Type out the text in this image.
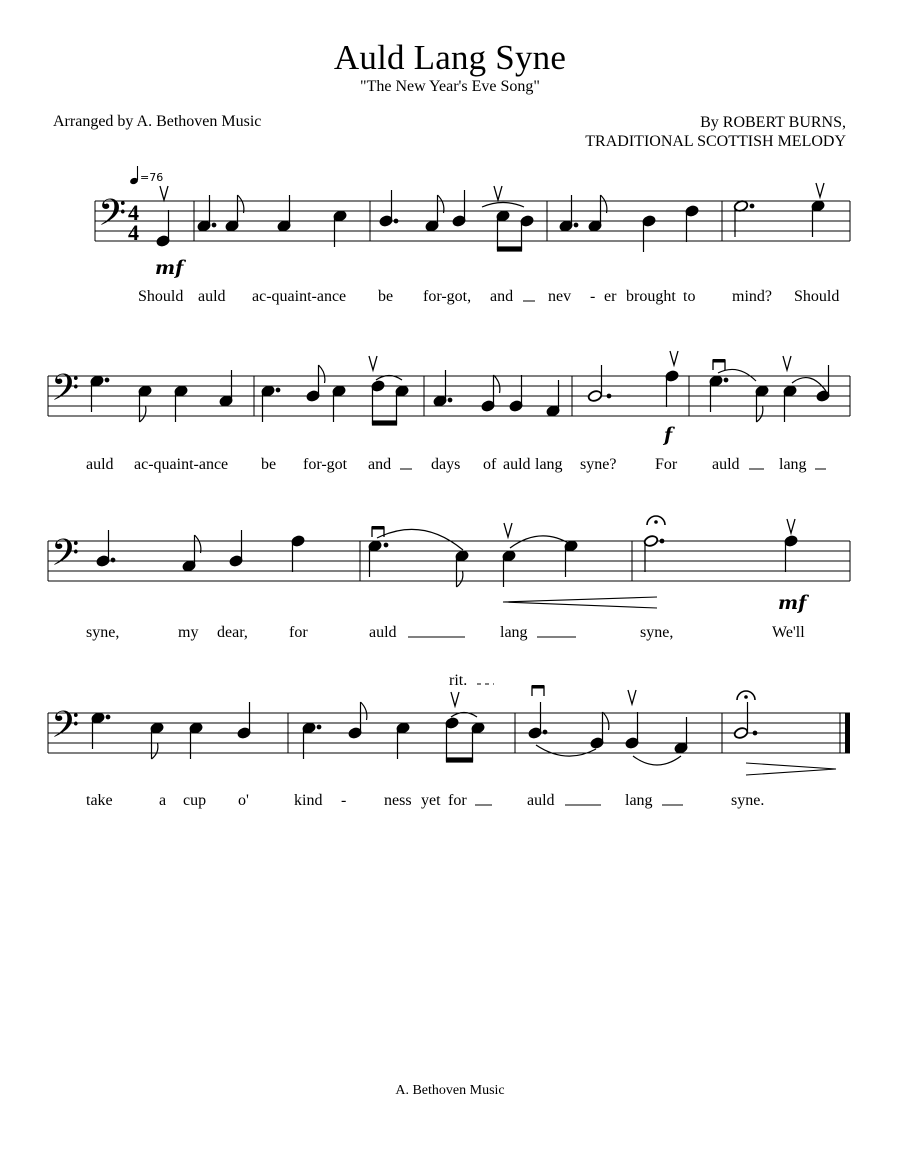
Auld Lang Syne
"The New Year's Eve Song"
Arranged by A. Bethoven Music	By ROBERT BURNS,
TRADITIONAL SCOTTISH MELODY
𝄢 4
4
=76
mf
Should auld ac-quaint-ance be for-got, and nev - er brought to mind? Should
𝄢
f
auld ac-quaint-ance be for-got and days of auld lang syne? For auld lang
𝄢
mf
syne,	my dear,	for	auld	lang	syne,	We'll
𝄢
rit.
take	a cup o'	kind - ness yet for	auld	lang	syne.
A. Bethoven Music
